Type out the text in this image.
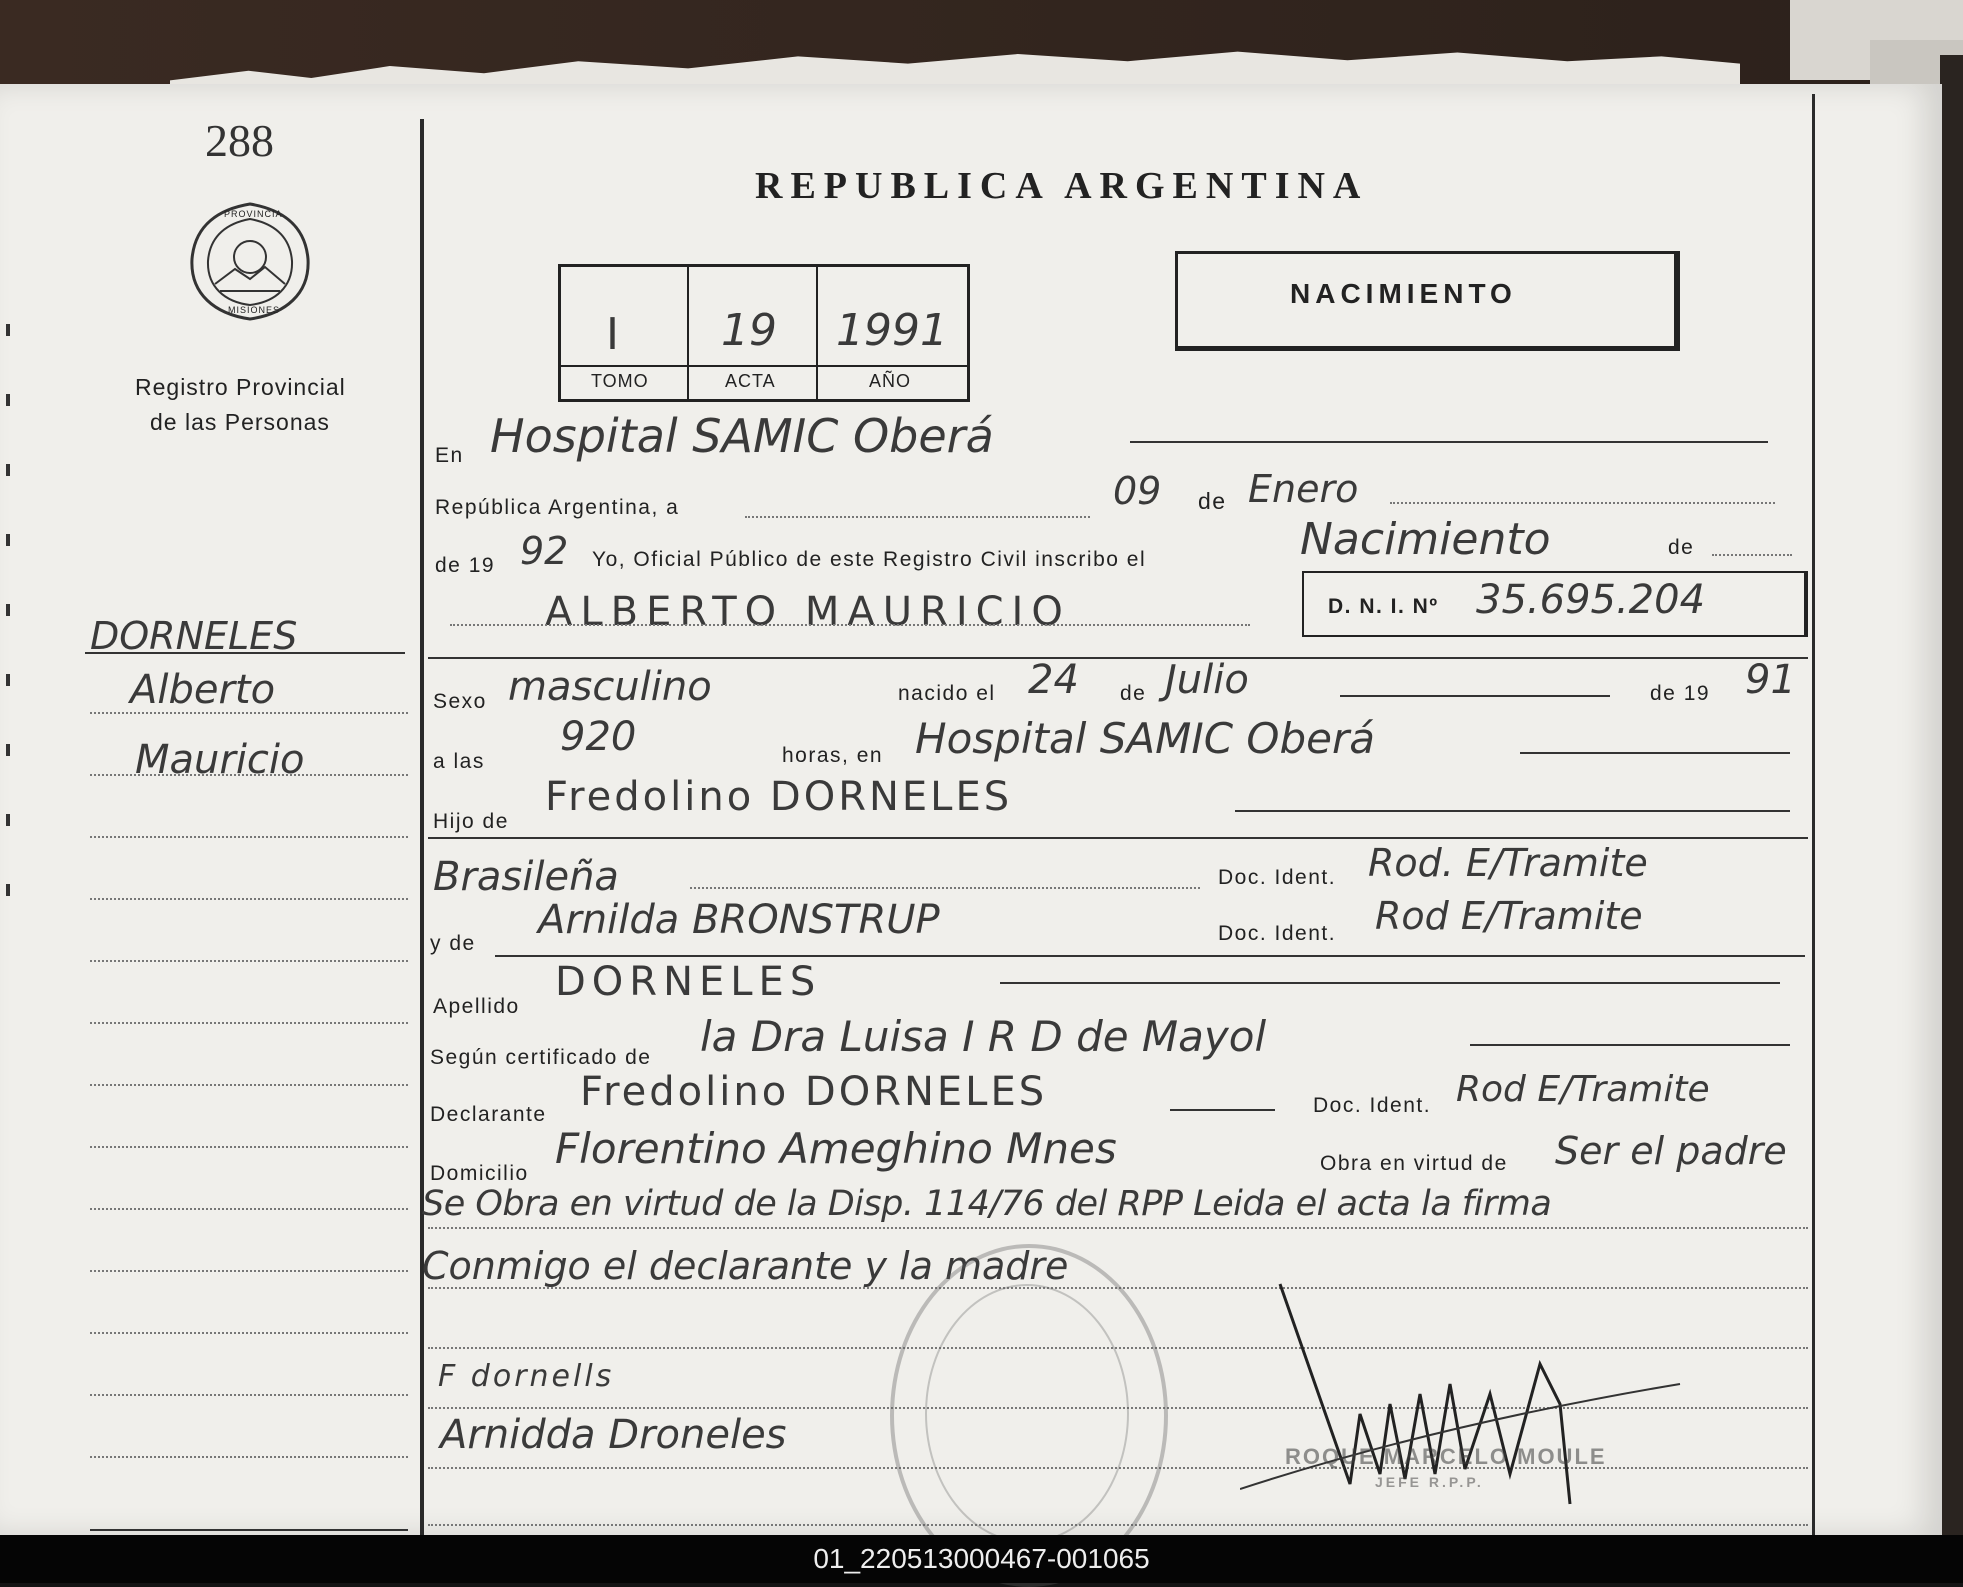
288
PROVINCIA
MISIONES
Registro Provincial
de las Personas
DORNELES
Alberto
Mauricio
REPUBLICA ARGENTINA
I 19 1991
TOMO	ACTA	AÑO
NACIMIENTO
En Hospital SAMIC Oberá
República Argentina, a	09 de Enero
de 19 92 Yo, Oficial Público de este Registro Civil inscribo el	Nacimiento	de
ALBERTO MAURICIO	D. N. I. Nº 35.695.204
Sexo masculino	nacido el 24 de Julio	de 19 91
a las
920	horas, en Hospital SAMIC Oberá
Hijo de
Fredolino DORNELES
Brasileña	Doc. Ident. Rod. E/Tramite
y de
Arnilda BRONSTRUP	Doc. Ident. Rod E/Tramite
Apellido
DORNELES
Según certificado de la Dra Luisa I R D de Mayol
Declarante Fredolino DORNELES	Doc. Ident. Rod E/Tramite
Domicilio
Florentino Ameghino Mnes	Obra en virtud de Ser el padre
Se Obra en virtud de la Disp. 114/76 del RPP Leida el acta la firma
Conmigo el declarante y la madre
F dornells
Arnidda Droneles	ROQUE MARCELO MOULE
JEFE R.P.P.
01_220513000467-001065
